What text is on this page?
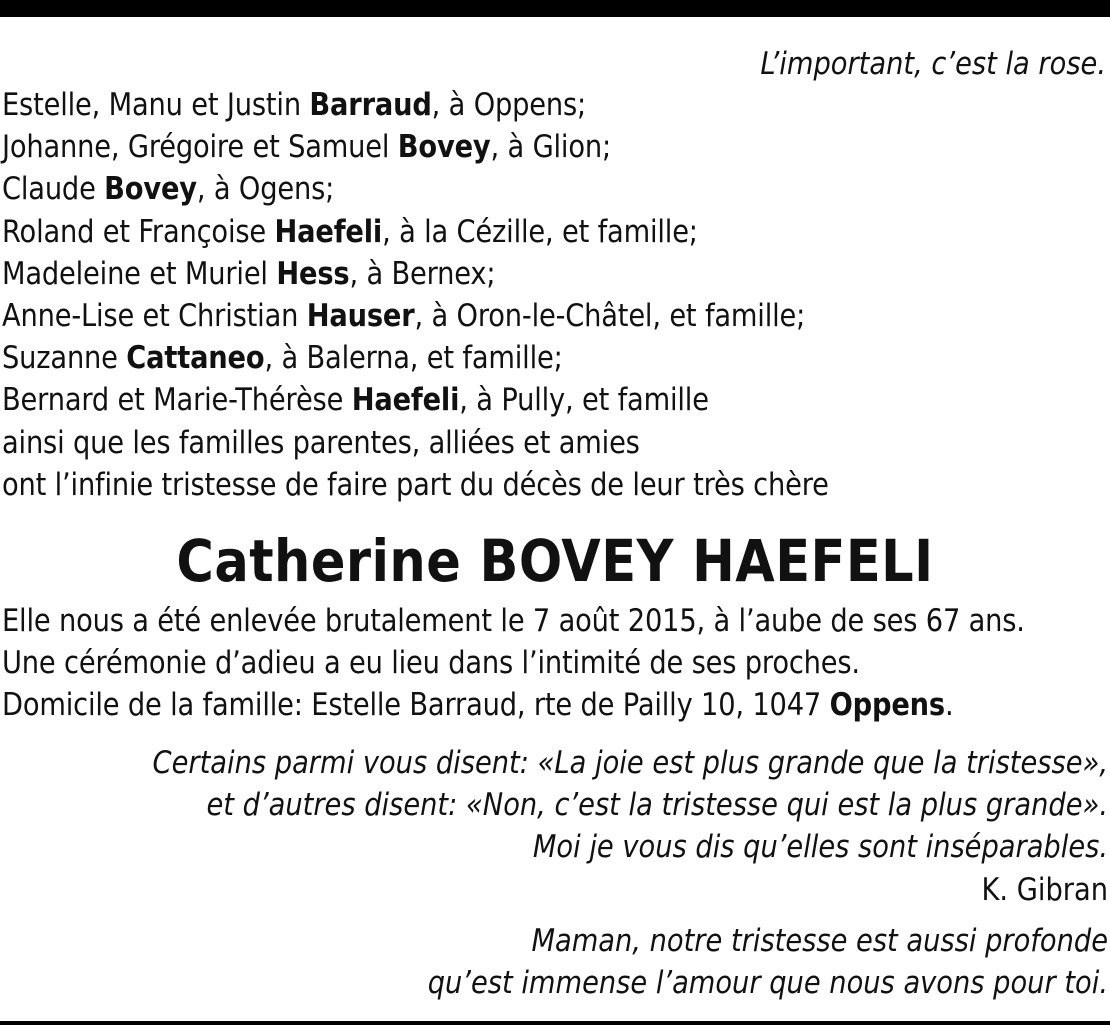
L’important, c’est la rose.
Estelle, Manu et Justin Barraud, à Oppens;
Johanne, Grégoire et Samuel Bovey, à Glion;
Claude Bovey, à Ogens;
Roland et Françoise Haefeli, à la Cézille, et famille;
Madeleine et Muriel Hess, à Bernex;
Anne-Lise et Christian Hauser, à Oron-le-Châtel, et famille;
Suzanne Cattaneo, à Balerna, et famille;
Bernard et Marie-Thérèse Haefeli, à Pully, et famille
ainsi que les familles parentes, alliées et amies
ont l’infinie tristesse de faire part du décès de leur très chère
Catherine BOVEY HAEFELI
Elle nous a été enlevée brutalement le 7 août 2015, à l’aube de ses 67 ans.
Une cérémonie d’adieu a eu lieu dans l’intimité de ses proches.
Domicile de la famille: Estelle Barraud, rte de Pailly 10, 1047 Oppens.
Certains parmi vous disent: «La joie est plus grande que la tristesse»,
et d’autres disent: «Non, c’est la tristesse qui est la plus grande».
Moi je vous dis qu’elles sont inséparables.
K. Gibran
Maman, notre tristesse est aussi profonde
qu’est immense l’amour que nous avons pour toi.
